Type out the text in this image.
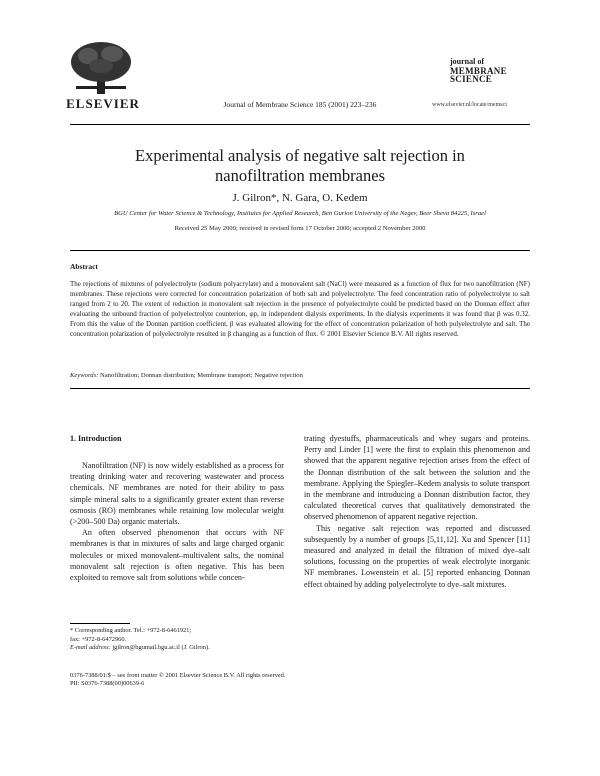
ELSEVIER	Journal of Membrane Science 185 (2001) 223–236
journal of
MEMBRANE
SCIENCE
www.elsevier.nl/locate/memsci
Experimental analysis of negative salt rejection in
nanofiltration membranes
J. Gilron*, N. Gara, O. Kedem
BGU Center for Water Science & Technology, Institutes for Applied Research, Ben Gurion University of the Negev, Beer Sheva 84225, Israel
Received 25 May 2000; received in revised form 17 October 2000; accepted 2 November 2000
Abstract
The rejections of mixtures of polyelectrolyte (sodium polyacrylate) and a monovalent salt (NaCl) were measured as a function of flux for two nanofiltration (NF) membranes. These rejections were corrected for concentration polarization of both salt and polyelectrolyte. The feed concentration ratio of polyelectrolyte to salt ranged from 2 to 20. The extent of reduction in monovalent salt rejection in the presence of polyelectrolyte could be predicted based on the Donnan effect after evaluating the unbound fraction of polyelectrolyte counterion, φp, in independent dialysis experiments. In the dialysis experiments it was found that β was 0.32. From this the value of the Donnan partition coefficient, β was evaluated allowing for the effect of concentration polarization of both polyelectrolyte and salt. The concentration polarization of polyelectrolyte resulted in β changing as a function of flux. © 2001 Elsevier Science B.V. All rights reserved.
Keywords: Nanofiltration; Donnan distribution; Membrane transport; Negative rejection
1. Introduction

Nanofiltration (NF) is now widely established as a process for treating drinking water and recovering wastewater and process chemicals. NF membranes are noted for their ability to pass simple mineral salts to a significantly greater extent than reverse osmosis (RO) membranes while retaining low molecular weight (>200–500 Da) organic materials.

An often observed phenomenon that occurs with NF membranes is that in mixtures of salts and large charged organic molecules or mixed monovalent–multivalent salts, the nominal monovalent salt rejection is often negative. This has been exploited to remove salt from solutions while concen-

trating dyestuffs, pharmaceuticals and whey sugars and proteins. Perry and Linder [1] were the first to explain this phenomenon and showed that the apparent negative rejection arises from the effect of the Donnan distribution of the salt between the solution and the membrane. Applying the Spiegler–Kedem analysis to solute transport in the membrane and introducing a Donnan distribution factor, they calculated theoretical curves that qualitatively demonstrated the observed phenomenon of apparent negative rejection.

This negative salt rejection was reported and discussed subsequently by a number of groups [5,11,12]. Xu and Spencer [11] measured and analyzed in detail the filtration of mixed dye–salt solutions, focussing on the properties of weak electrolyte inorganic NF membranes. Lowenstein et al. [5] reported enhancing Donnan effect obtained by adding polyelectrolyte to dye–salt mixtures.

* Corresponding author. Tel.: +972-8-6461921;
fax: +972-8-6472960.
E-mail address: jgilron@bgumail.bgu.ac.il (J. Gilron).
0376-7388/01/$ – see front matter © 2001 Elsevier Science B.V. All rights reserved.
PII: S0376-7388(00)00639-6
